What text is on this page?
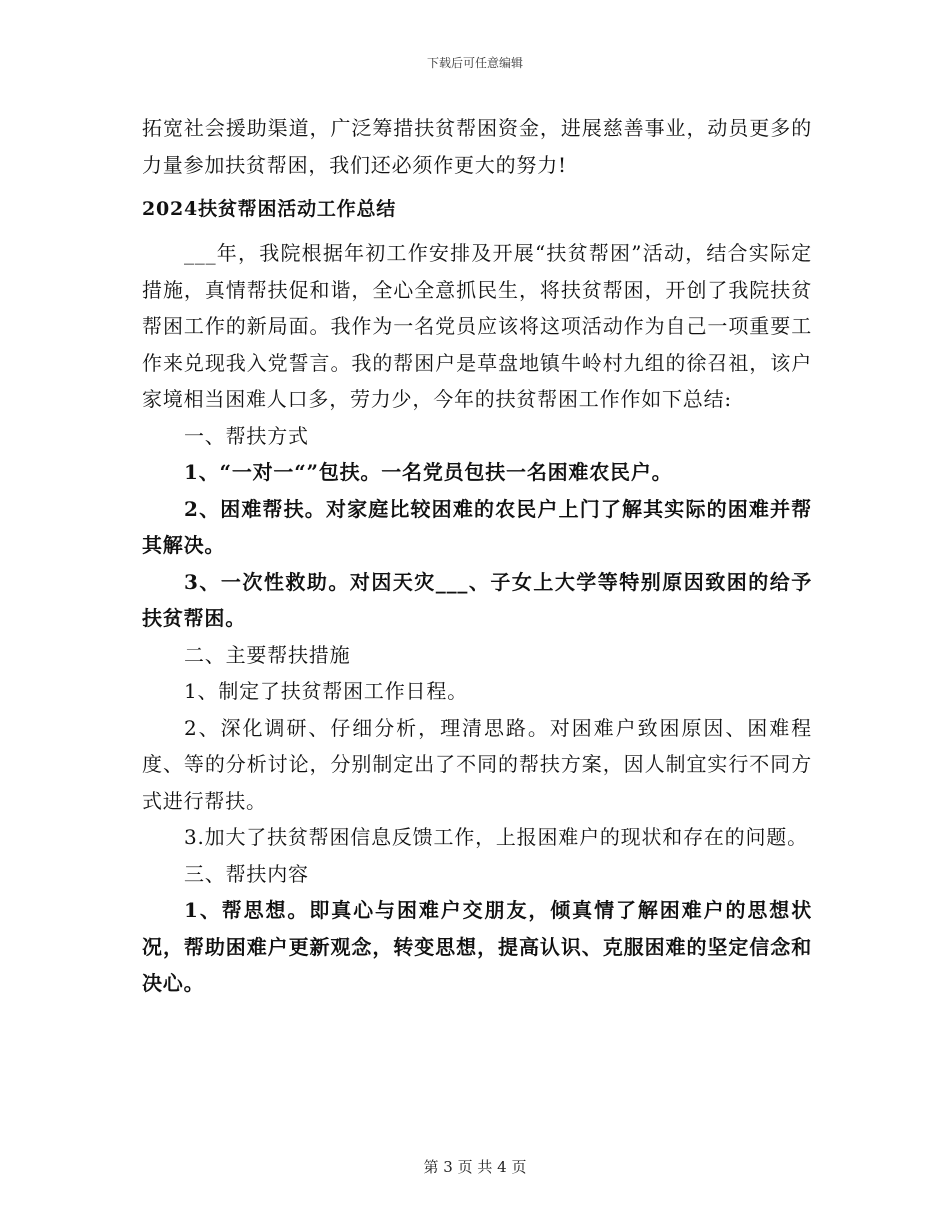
下载后可任意编辑

拓宽社会援助渠道，广泛筹措扶贫帮困资金，进展慈善事业，动员更多的力量参加扶贫帮困，我们还必须作更大的努力!

2024扶贫帮困活动工作总结

___年，我院根据年初工作安排及开展“扶贫帮困”活动，结合实际定措施，真情帮扶促和谐，全心全意抓民生，将扶贫帮困，开创了我院扶贫帮困工作的新局面。我作为一名党员应该将这项活动作为自己一项重要工作来兑现我入党誓言。我的帮困户是草盘地镇牛岭村九组的徐召祖，该户家境相当困难人口多，劳力少，今年的扶贫帮困工作作如下总结:

一、帮扶方式

1、“一对一“”包扶。一名党员包扶一名困难农民户。

2、困难帮扶。对家庭比较困难的农民户上门了解其实际的困难并帮其解决。

3、一次性救助。对因天灾___、子女上大学等特别原因致困的给予扶贫帮困。

二、主要帮扶措施

1、制定了扶贫帮困工作日程。

2、深化调研、仔细分析，理清思路。对困难户致困原因、困难程度、等的分析讨论，分别制定出了不同的帮扶方案，因人制宜实行不同方式进行帮扶。

3.加大了扶贫帮困信息反馈工作，上报困难户的现状和存在的问题。

三、帮扶内容

1、帮思想。即真心与困难户交朋友，倾真情了解困难户的思想状况，帮助困难户更新观念，转变思想，提高认识、克服困难的坚定信念和决心。

第 3 页 共 4 页
